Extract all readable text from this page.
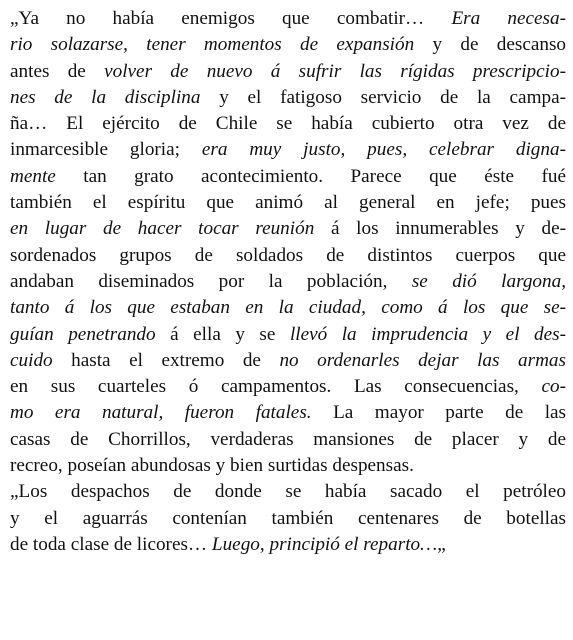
„Ya no había enemigos que combatir… Era necesa-
rio solazarse, tener momentos de expansión y de descanso
antes de volver de nuevo á sufrir las rígidas prescripcio-
nes de la disciplina y el fatigoso servicio de la campa-
ña… El ejército de Chile se había cubierto otra vez de
inmarcesible gloria; era muy justo, pues, celebrar digna-
mente tan grato acontecimiento. Parece que éste fué
también el espíritu que animó al general en jefe; pues
en lugar de hacer tocar reunión á los innumerables y de-
sordenados grupos de soldados de distintos cuerpos que
andaban diseminados por la población, se dió largona,
tanto á los que estaban en la ciudad, como á los que se-
guían penetrando á ella y se llevó la imprudencia y el des-
cuido hasta el extremo de no ordenarles dejar las armas
en sus cuarteles ó campamentos. Las consecuencias, co-
mo era natural, fueron fatales. La mayor parte de las
casas de Chorrillos, verdaderas mansiones de placer y de
recreo, poseían abundosas y bien surtidas despensas.
„Los despachos de donde se había sacado el petróleo
y el aguarrás contenían también centenares de botellas
de toda clase de licores… Luego, principió el reparto…„
